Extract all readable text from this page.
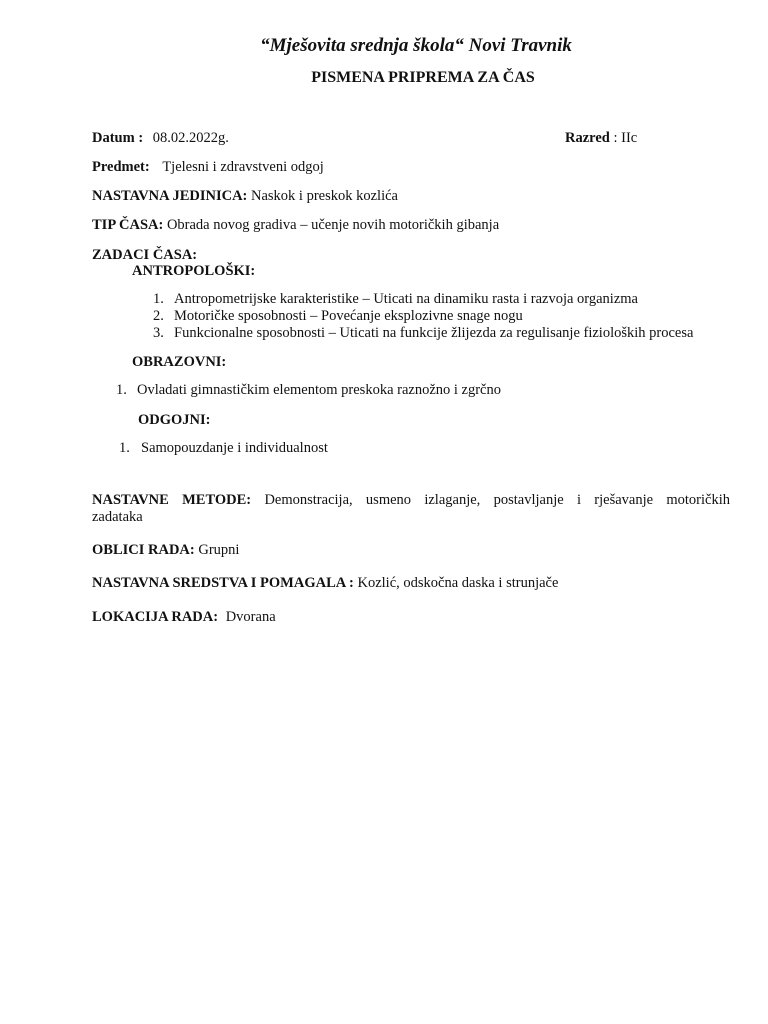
“Mješovita srednja škola“ Novi Travnik
PISMENA PRIPREMA ZA ČAS
Datum : 08.02.2022g.	Razred : IIc
Predmet: Tjelesni i zdravstveni odgoj
NASTAVNA JEDINICA: Naskok i preskok kozlića
TIP ČASA: Obrada novog gradiva – učenje novih motoričkih gibanja
ZADACI ČASA:
ANTROPOLOŠKI:
1. Antropometrijske karakteristike – Uticati na dinamiku rasta i razvoja organizma
2. Motoričke sposobnosti – Povećanje eksplozivne snage nogu
3. Funkcionalne sposobnosti – Uticati na funkcije žlijezda za regulisanje fizioloških procesa
OBRAZOVNI:
1. Ovladati gimnastičkim elementom preskoka raznožno i zgrčno
ODGOJNI:
1. Samopouzdanje i individualnost
NASTAVNE METODE: Demonstracija, usmeno izlaganje, postavljanje i rješavanje motoričkih
zadataka
OBLICI RADA: Grupni
NASTAVNA SREDSTVA I POMAGALA : Kozlić, odskočna daska i strunjače
LOKACIJA RADA: Dvorana
